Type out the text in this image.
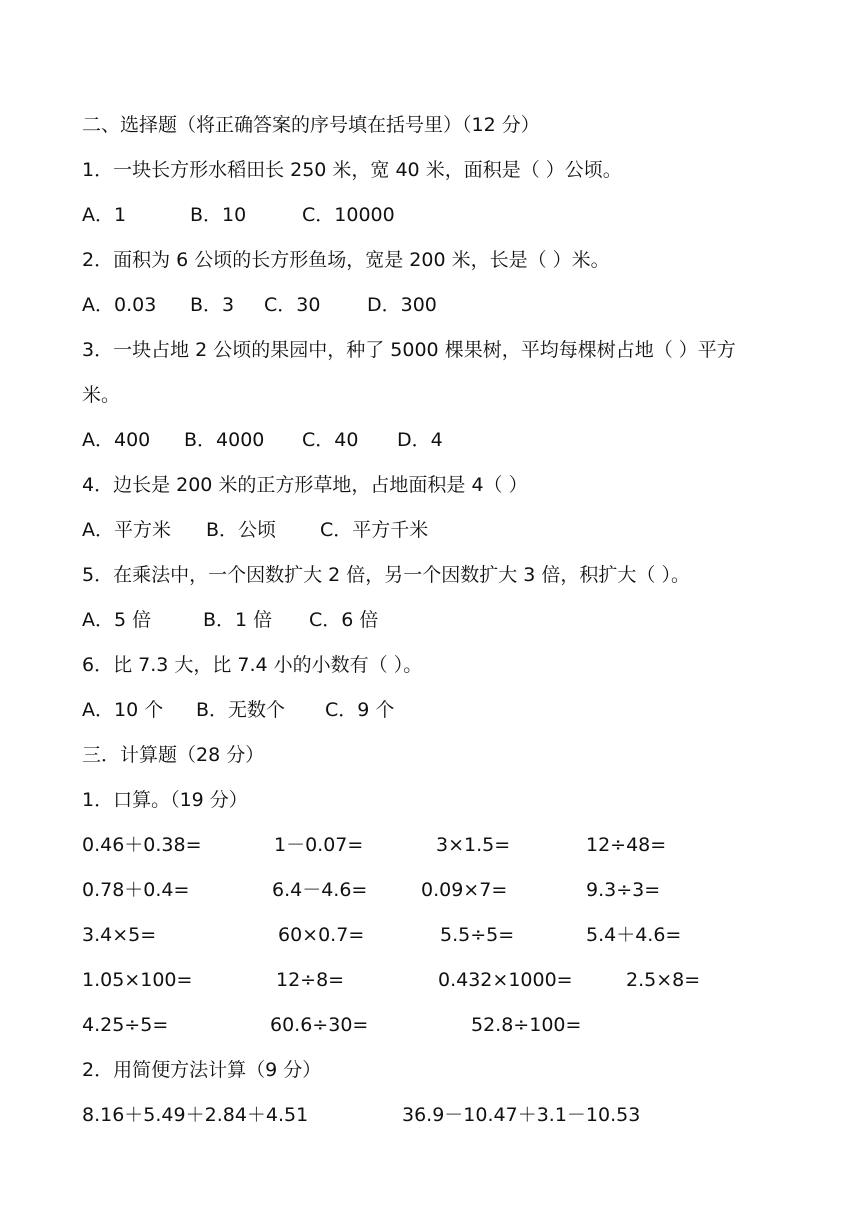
二、选择题（将正确答案的序号填在括号里）（12 分）
1．一块长方形水稻田长 250 米，宽 40 米，面积是（ ）公顷。
A．1	B．10	C．10000
2．面积为 6 公顷的长方形鱼场，宽是 200 米，长是（ ）米。
A．0.03 B．3 C．30 D．300
3．一块占地 2 公顷的果园中，种了 5000 棵果树，平均每棵树占地（ ）平方
米。
A．400 B．4000 C．40 D．4
4．边长是 200 米的正方形草地，占地面积是 4（ ）
A．平方米 B．公顷 C．平方千米
5．在乘法中，一个因数扩大 2 倍，另一个因数扩大 3 倍，积扩大（ ）。
A．5 倍	B．1 倍 C．6 倍
6．比 7.3 大，比 7.4 小的小数有（ ）。
A．10 个 B．无数个 C．9 个
三．计算题（28 分）
1．口算。（19 分）
0.46＋0.38=	1－0.07=	3×1.5=	12÷48=
0.78＋0.4=	6.4－4.6=	0.09×7=	9.3÷3=
3.4×5=	60×0.7=	5.5÷5=	5.4＋4.6=
1.05×100=	12÷8=	0.432×1000=	2.5×8=
4.25÷5=	60.6÷30=	52.8÷100=
2．用简便方法计算（9 分）
8.16＋5.49＋2.84＋4.51	36.9－10.47＋3.1－10.53
